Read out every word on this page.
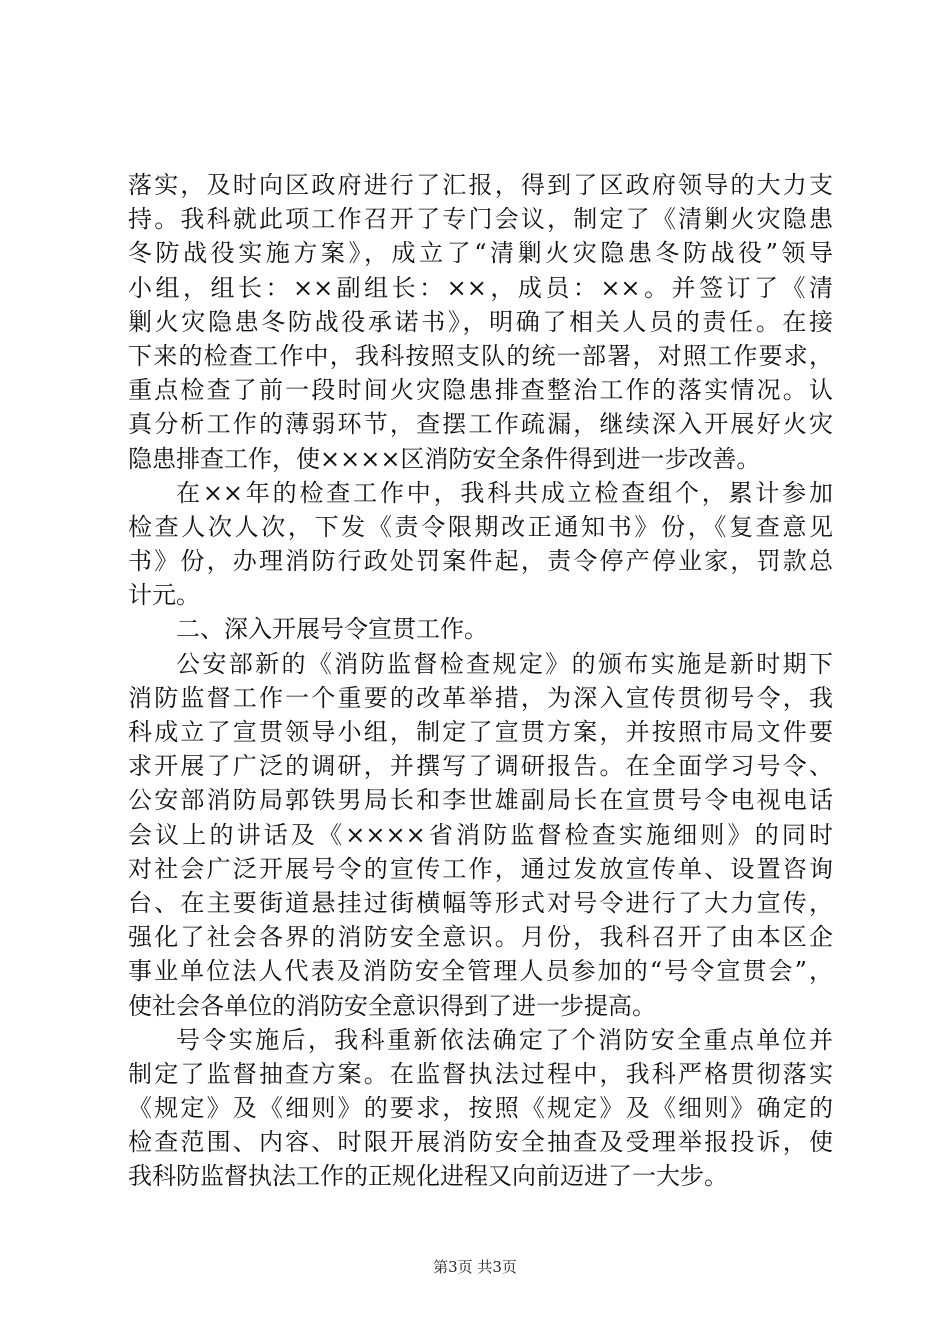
落实，及时向区政府进行了汇报，得到了区政府领导的大力支
持。我科就此项工作召开了专门会议，制定了《清剿火灾隐患
冬防战役实施方案》，成立了“清剿火灾隐患冬防战役”领导
小组，组长：××副组长：××，成员：××。并签订了《清
剿火灾隐患冬防战役承诺书》，明确了相关人员的责任。在接
下来的检查工作中，我科按照支队的统一部署，对照工作要求，
重点检查了前一段时间火灾隐患排查整治工作的落实情况。认
真分析工作的薄弱环节，查摆工作疏漏，继续深入开展好火灾
隐患排查工作，使××××区消防安全条件得到进一步改善。
在××年的检查工作中，我科共成立检查组个，累计参加
检查人次人次，下发《责令限期改正通知书》份，《复查意见
书》份，办理消防行政处罚案件起，责令停产停业家，罚款总
计元。
二、深入开展号令宣贯工作。
公安部新的《消防监督检查规定》的颁布实施是新时期下
消防监督工作一个重要的改革举措，为深入宣传贯彻号令，我
科成立了宣贯领导小组，制定了宣贯方案，并按照市局文件要
求开展了广泛的调研，并撰写了调研报告。在全面学习号令、
公安部消防局郭铁男局长和李世雄副局长在宣贯号令电视电话
会议上的讲话及《××××省消防监督检查实施细则》的同时
对社会广泛开展号令的宣传工作，通过发放宣传单、设置咨询
台、在主要街道悬挂过街横幅等形式对号令进行了大力宣传，
强化了社会各界的消防安全意识。月份，我科召开了由本区企
事业单位法人代表及消防安全管理人员参加的“号令宣贯会”，
使社会各单位的消防安全意识得到了进一步提高。
号令实施后，我科重新依法确定了个消防安全重点单位并
制定了监督抽查方案。在监督执法过程中，我科严格贯彻落实
《规定》及《细则》的要求，按照《规定》及《细则》确定的
检查范围、内容、时限开展消防安全抽查及受理举报投诉，使
我科防监督执法工作的正规化进程又向前迈进了一大步。
第3页 共3页
